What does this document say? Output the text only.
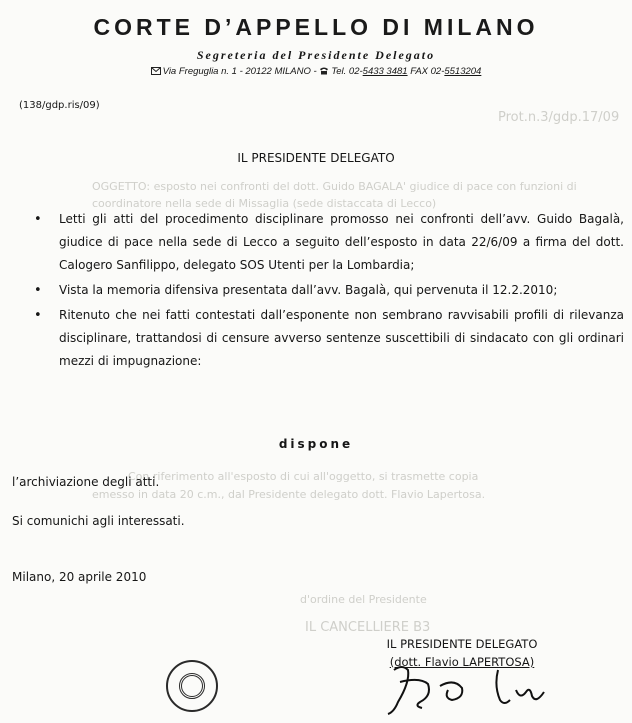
Prot.n.3/gdp.17/09
OGGETTO: esposto nei confronti del dott. Guido BAGALA' giudice di pace con funzioni di
coordinatore nella sede di Missaglia (sede distaccata di Lecco)
Con riferimento all'esposto di cui all'oggetto, si trasmette copia
emesso in data 20 c.m., dal Presidente delegato dott. Flavio Lapertosa.
d'ordine del Presidente
IL CANCELLIERE B3
CORTE D’APPELLO DI MILANO
Segreteria del Presidente Delegato
Via Freguglia n. 1 - 20122 MILANO - Tel. 02-5433 3481 FAX 02-5513204
(138/gdp.ris/09)
IL PRESIDENTE DELEGATO
• Letti gli atti del procedimento disciplinare promosso nei confronti dell’avv. Guido Bagalà, giudice di pace nella sede di Lecco a seguito dell’esposto in data 22/6/09 a firma del dott. Calogero Sanfilippo, delegato SOS Utenti per la Lombardia;
• Vista la memoria difensiva presentata dall’avv. Bagalà, qui pervenuta il 12.2.2010;
• Ritenuto che nei fatti contestati dall’esponente non sembrano ravvisabili profili di rilevanza disciplinare, trattandosi di censure avverso sentenze suscettibili di sindacato con gli ordinari mezzi di impugnazione:
dispone
l’archiviazione degli atti.
Si comunichi agli interessati.
Milano, 20 aprile 2010
IL PRESIDENTE DELEGATO
(dott. Flavio LAPERTOSA)
